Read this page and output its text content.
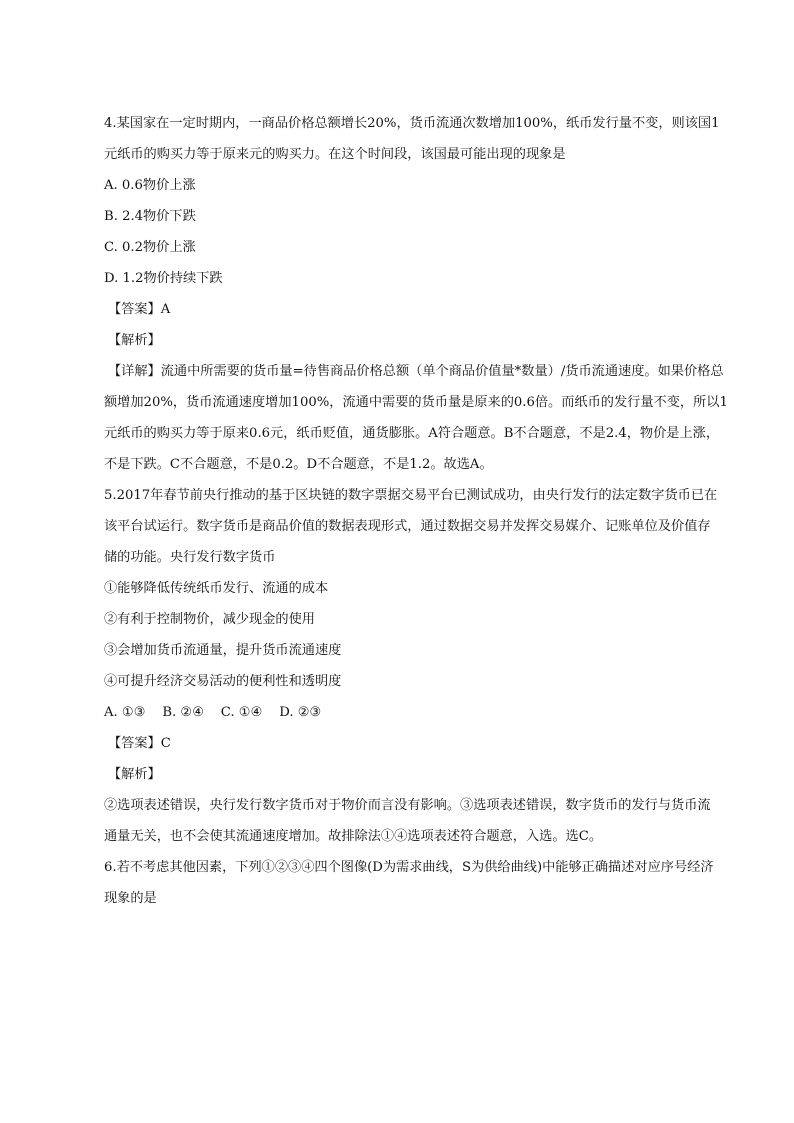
4.某国家在一定时期内，一商品价格总额增长20%，货币流通次数增加100%，纸币发行量不变，则该国1
元纸币的购买力等于原来元的购买力。在这个时间段，该国最可能出现的现象是
A. 0.6物价上涨
B. 2.4物价下跌
C. 0.2物价上涨
D. 1.2物价持续下跌
【答案】A
【解析】
【详解】流通中所需要的货币量=待售商品价格总额（单个商品价值量*数量）/货币流通速度。如果价格总
额增加20%，货币流通速度增加100%，流通中需要的货币量是原来的0.6倍。而纸币的发行量不变，所以1
元纸币的购买力等于原来0.6元，纸币贬值，通货膨胀。A符合题意。B不合题意，不是2.4，物价是上涨，
不是下跌。C不合题意，不是0.2。D不合题意，不是1.2。故选A。
5.2017年春节前央行推动的基于区块链的数字票据交易平台已测试成功，由央行发行的法定数字货币已在
该平台试运行。数字货币是商品价值的数据表现形式，通过数据交易并发挥交易媒介、记账单位及价值存
储的功能。央行发行数字货币
①能够降低传统纸币发行、流通的成本
②有利于控制物价，减少现金的使用
③会增加货币流通量，提升货币流通速度
④可提升经济交易活动的便利性和透明度
A. ①③    B. ②④    C. ①④    D. ②③
【答案】C
【解析】
②选项表述错误，央行发行数字货币对于物价而言没有影响。③选项表述错误，数字货币的发行与货币流
通量无关，也不会使其流通速度增加。故排除法①④选项表述符合题意，入选。选C。
6.若不考虑其他因素，下列①②③④四个图像(D为需求曲线，S为供给曲线)中能够正确描述对应序号经济
现象的是
